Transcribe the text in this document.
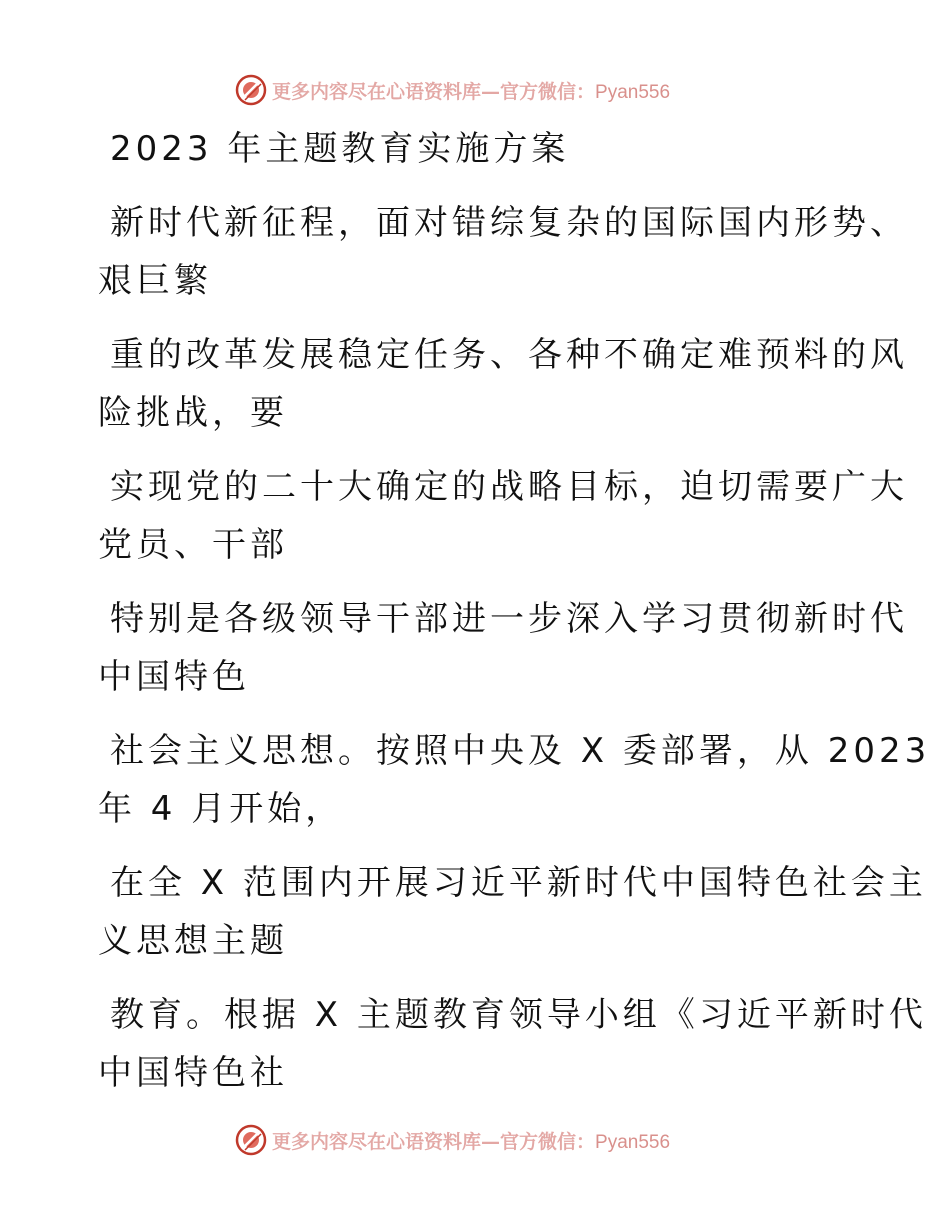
更多内容尽在心语资料库—官方微信：Pyan556
2023 年主题教育实施方案
新时代新征程，面对错综复杂的国际国内形势、
艰巨繁
重的改革发展稳定任务、各种不确定难预料的风
险挑战，要
实现党的二十大确定的战略目标，迫切需要广大
党员、干部
特别是各级领导干部进一步深入学习贯彻新时代
中国特色
社会主义思想。按照中央及 X 委部署，从 2023
年 4 月开始，
在全 X 范围内开展习近平新时代中国特色社会主
义思想主题
教育。根据 X 主题教育领导小组《习近平新时代
中国特色社
更多内容尽在心语资料库—官方微信：Pyan556
